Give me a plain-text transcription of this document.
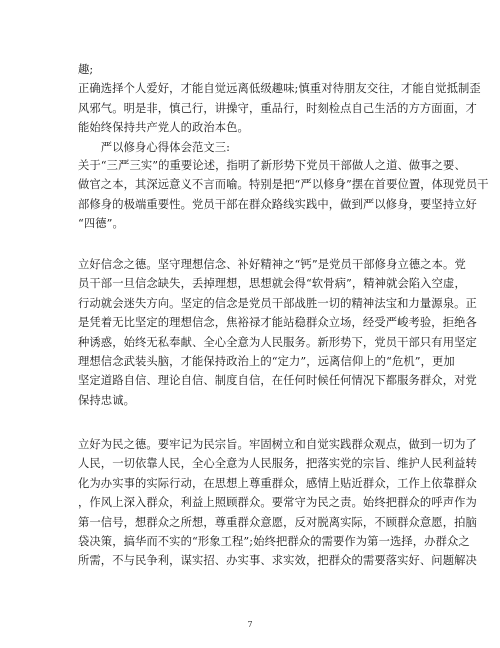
趣;
正确选择个人爱好，才能自觉远离低级趣味;慎重对待朋友交往，才能自觉抵制歪
风邪气。明是非，慎己行，讲操守，重品行，时刻检点自己生活的方方面面，才
能始终保持共产党人的政治本色。
　　严以修身心得体会范文三:
关于“三严三实”的重要论述，指明了新形势下党员干部做人之道、做事之要、
做官之本，其深远意义不言而喻。特别是把“严以修身”摆在首要位置，体现党员干
部修身的极端重要性。党员干部在群众路线实践中，做到严以修身，要坚持立好
“四德”。
立好信念之德。坚守理想信念、补好精神之“钙”是党员干部修身立德之本。党
员干部一旦信念缺失，丢掉理想，思想就会得“软骨病”，精神就会陷入空虚，
行动就会迷失方向。坚定的信念是党员干部战胜一切的精神法宝和力量源泉。正
是凭着无比坚定的理想信念，焦裕禄才能站稳群众立场，经受严峻考验，拒绝各
种诱惑，始终无私奉献、全心全意为人民服务。新形势下，党员干部只有用坚定
理想信念武装头脑，才能保持政治上的“定力”，远离信仰上的“危机”，更加
坚定道路自信、理论自信、制度自信，在任何时候任何情况下都服务群众，对党
保持忠诚。
立好为民之德。要牢记为民宗旨。牢固树立和自觉实践群众观点，做到一切为了
人民，一切依靠人民，全心全意为人民服务，把落实党的宗旨、维护人民利益转
化为办实事的实际行动，在思想上尊重群众，感情上贴近群众，工作上依靠群众
，作风上深入群众，利益上照顾群众。要常守为民之责。始终把群众的呼声作为
第一信号，想群众之所想，尊重群众意愿，反对脱离实际，不顾群众意愿，拍脑
袋决策，搞华而不实的“形象工程”;始终把群众的需要作为第一选择，办群众之
所需，不与民争利，谋实招、办实事、求实效，把群众的需要落实好、问题解决
7
